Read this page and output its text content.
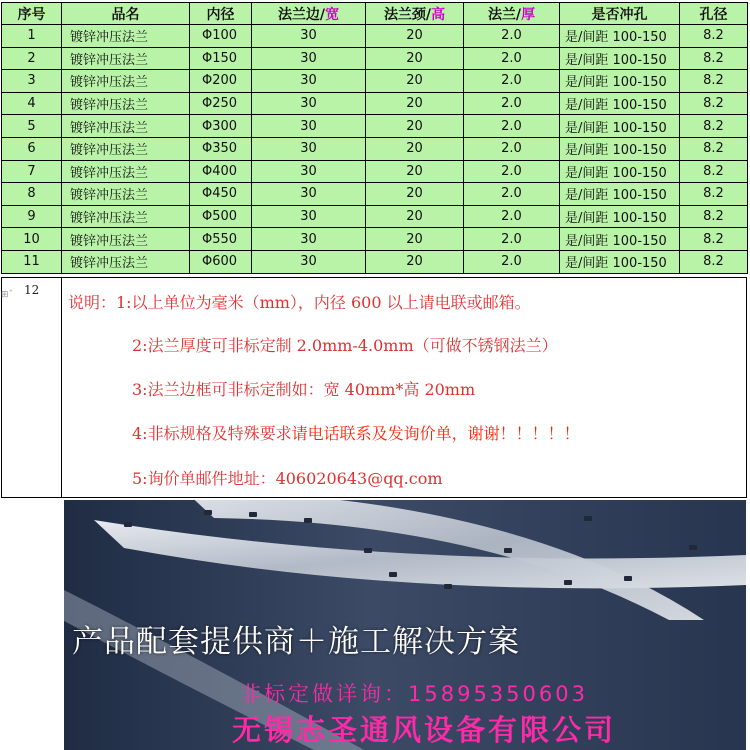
序号	品名	内径	法兰边/宽	法兰颈/高	法兰/厚	是否冲孔	孔径
1	镀锌冲压法兰	Φ100	30	20	2.0	是/间距 100-150	8.2
2	镀锌冲压法兰	Φ150	30	20	2.0	是/间距 100-150	8.2
3	镀锌冲压法兰	Φ200	30	20	2.0	是/间距 100-150	8.2
4	镀锌冲压法兰	Φ250	30	20	2.0	是/间距 100-150	8.2
5	镀锌冲压法兰	Φ300	30	20	2.0	是/间距 100-150	8.2
6	镀锌冲压法兰	Φ350	30	20	2.0	是/间距 100-150	8.2
7	镀锌冲压法兰	Φ400	30	20	2.0	是/间距 100-150	8.2
8	镀锌冲压法兰	Φ450	30	20	2.0	是/间距 100-150	8.2
9	镀锌冲压法兰	Φ500	30	20	2.0	是/间距 100-150	8.2
10	镀锌冲压法兰	Φ550	30	20	2.0	是/间距 100-150	8.2
11	镀锌冲压法兰	Φ600	30	20	2.0	是/间距 100-150	8.2
⊞ˇ 12
说明：1:以上单位为毫米（mm），内径 600 以上请电联或邮箱。
2:法兰厚度可非标定制 2.0mm-4.0mm（可做不锈钢法兰）
3:法兰边框可非标定制如：宽 40mm*高 20mm
4:非标规格及特殊要求请电话联系及发询价单，谢谢！！！！！
5:询价单邮件地址：406020643@qq.com
产品配套提供商＋施工解决方案
非标定做详询：15895350603
无锡志圣通风设备有限公司
